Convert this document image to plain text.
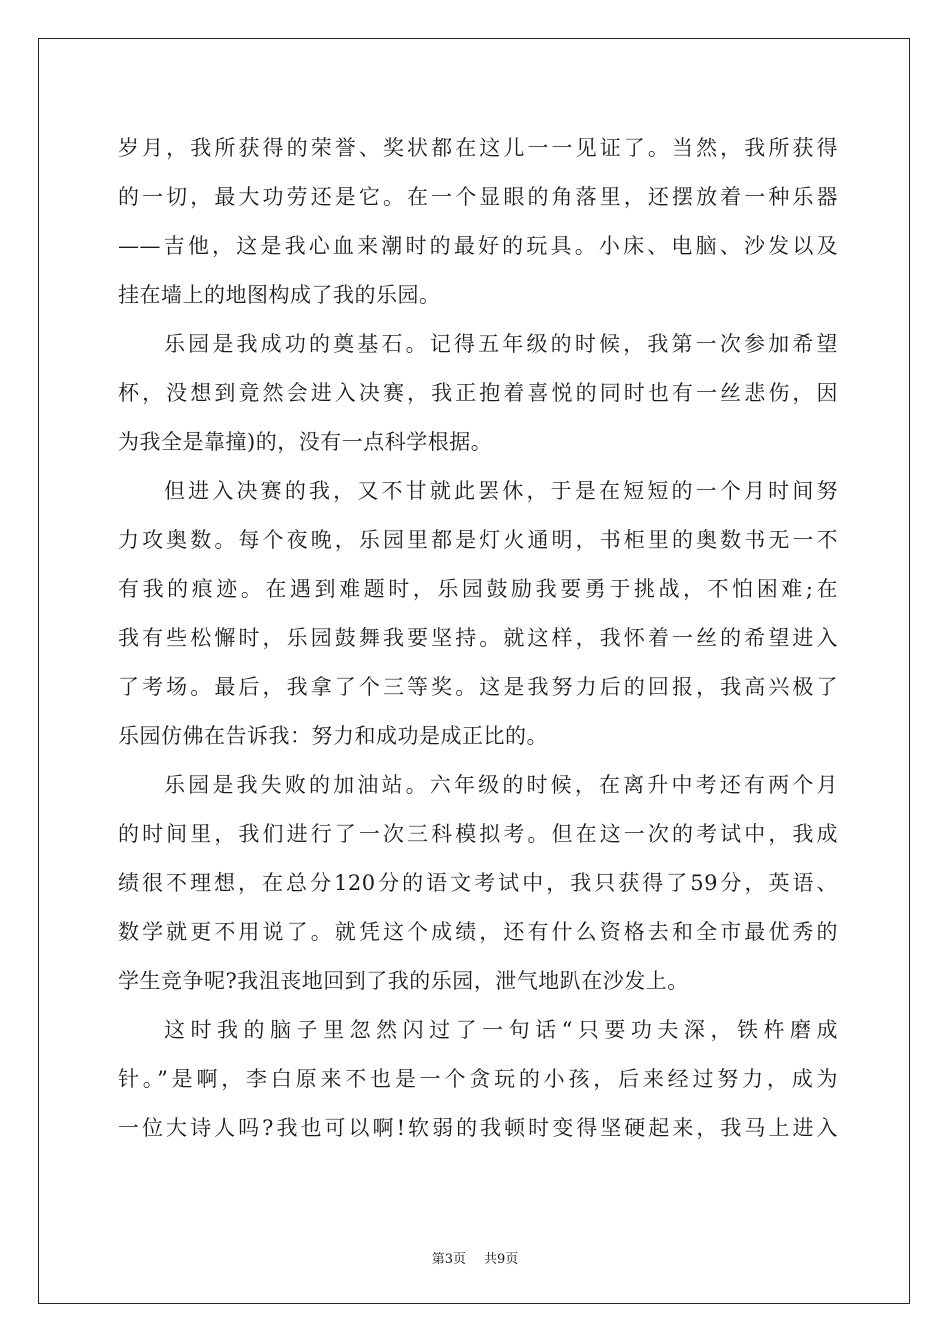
岁月，我所获得的荣誉、奖状都在这儿一一见证了。当然，我所获得
的一切，最大功劳还是它。在一个显眼的角落里，还摆放着一种乐器
——吉他，这是我心血来潮时的最好的玩具。小床、电脑、沙发以及
挂在墙上的地图构成了我的乐园。
乐园是我成功的奠基石。记得五年级的时候，我第一次参加希望
杯，没想到竟然会进入决赛，我正抱着喜悦的同时也有一丝悲伤，因
为我全是靠撞)的，没有一点科学根据。
但进入决赛的我，又不甘就此罢休，于是在短短的一个月时间努
力攻奥数。每个夜晚，乐园里都是灯火通明，书柜里的奥数书无一不
有我的痕迹。在遇到难题时，乐园鼓励我要勇于挑战，不怕困难;在
我有些松懈时，乐园鼓舞我要坚持。就这样，我怀着一丝的希望进入
了考场。最后，我拿了个三等奖。这是我努力后的回报，我高兴极了
乐园仿佛在告诉我：努力和成功是成正比的。
乐园是我失败的加油站。六年级的时候，在离升中考还有两个月
的时间里，我们进行了一次三科模拟考。但在这一次的考试中，我成
绩很不理想，在总分120分的语文考试中，我只获得了59分，英语、
数学就更不用说了。就凭这个成绩，还有什么资格去和全市最优秀的
学生竞争呢?我沮丧地回到了我的乐园，泄气地趴在沙发上。
这时我的脑子里忽然闪过了一句话“只要功夫深，铁杵磨成
针。”是啊，李白原来不也是一个贪玩的小孩，后来经过努力，成为
一位大诗人吗?我也可以啊!软弱的我顿时变得坚硬起来，我马上进入
第3页 共9页
